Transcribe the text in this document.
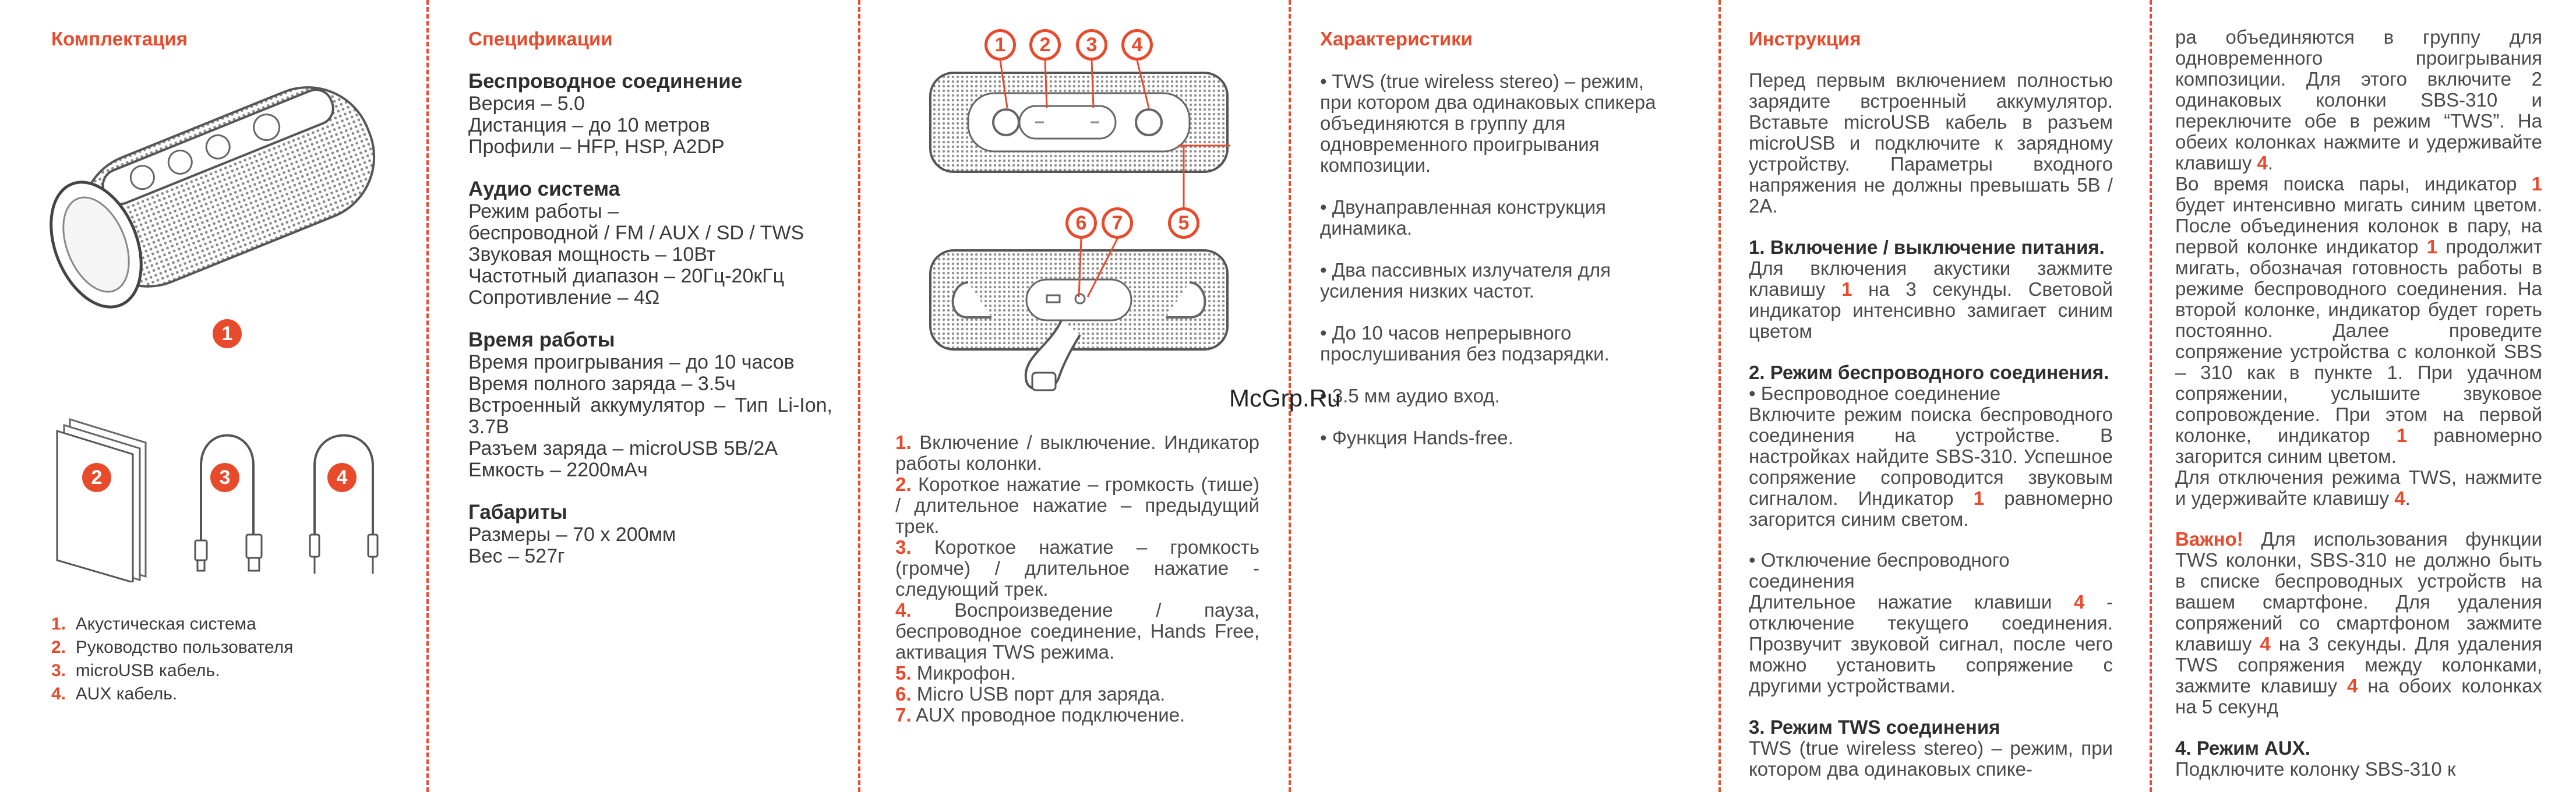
Комплектация
1
2	3	4
1. Акустическая система
2. Руководство пользователя
3. microUSB кабель.
4. AUX кабель.
Спецификации

Беспроводное соединение

Версия – 5.0

Дистанция – до 10 метров

Профили – HFP, HSP, A2DP

Аудио система

Режим работы –

беспроводной / FM / AUX / SD / TWS

Звуковая мощность – 10Вт

Частотный диапазон – 20Гц-20кГц

Сопротивление – 4Ω

Время работы

Время проигрывания – до 10 часов

Время полного заряда – 3.5ч

Встроенный аккумулятор – Тип Li-Ion, 3.7В

Разъем заряда – microUSB 5В/2А

Емкость – 2200мАч

Габариты

Размеры – 70 x 200мм

Вес – 527г

1	2	3	4
5
6	7

1. Включение / выключение. Индикатор работы колонки.

2. Короткое нажатие – громкость (тише) / длительное нажатие – предыдущий трек.

3. Короткое нажатие – громкость (громче) / длительное нажатие - следующий трек.

4. Воспроизведение / пауза, беспроводное соединение, Hands Free, активация TWS режима.

5. Микрофон.

6. Micro USB порт для заряда.

7. AUX проводное подключение.

Характеристики

• TWS (true wireless stereo) – режим, при котором два одинаковых спикера объединяются в группу для одновременного проигрывания композиции.

• Двунаправленная конструкция динамика.

• Два пассивных излучателя для усиления низких частот.

• До 10 часов непрерывного прослушивания без подзарядки.

• 3.5 мм аудио вход.

• Функция Hands-free.

McGrp.Ru
Инструкция

Перед первым включением полностью зарядите встроенный аккумулятор. Вставьте microUSB кабель в разъем microUSB и подключите к зарядному устройству. Параметры входного напряжения не должны превышать 5В / 2А.

1. Включение / выключение питания.

Для включения акустики зажмите клавишу 1 на 3 секунды. Световой индикатор интенсивно замигает синим цветом

2. Режим беспроводного соединения.

• Беспроводное соединение

Включите режим поиска беспроводного соединения на устройстве. В настройках найдите SBS-310. Успешное сопряжение сопроводится звуковым сигналом. Индикатор 1 равномерно загорится синим светом.

• Отключение беспроводного соединения

Длительное нажатие клавиши 4 - отключение текущего соединения. Прозвучит звуковой сигнал, после чего можно установить сопряжение с другими устройствами.

3. Режим TWS соединения

TWS (true wireless stereo) – режим, при котором два одинаковых спике-

ра объединяются в группу для одновременного проигрывания композиции. Для этого включите 2 одинаковых колонки SBS-310 и переключите обе в режим “TWS”. На обеих колонках нажмите и удерживайте клавишу 4.

Во время поиска пары, индикатор 1 будет интенсивно мигать синим цветом. После объединения колонок в пару, на первой колонке индикатор 1 продолжит мигать, обозначая готовность работы в режиме беспроводного соединения. На второй колонке, индикатор будет гореть постоянно. Далее проведите сопряжение устройства с колонкой SBS – 310 как в пункте 1. При удачном сопряжении, услышите звуковое сопровождение. При этом на первой колонке, индикатор 1 равномерно загорится синим цветом.

Для отключения режима TWS, нажмите и удерживайте клавишу 4.

Важно! Для использования функции TWS колонки, SBS-310 не должно быть в списке беспроводных устройств на вашем смартфоне. Для удаления сопряжений со смартфоном зажмите клавишу 4 на 3 секунды. Для удаления TWS сопряжения между колонками, зажмите клавишу 4 на обоих колонках на 5 секунд

4. Режим AUX.

Подключите колонку SBS-310 к
